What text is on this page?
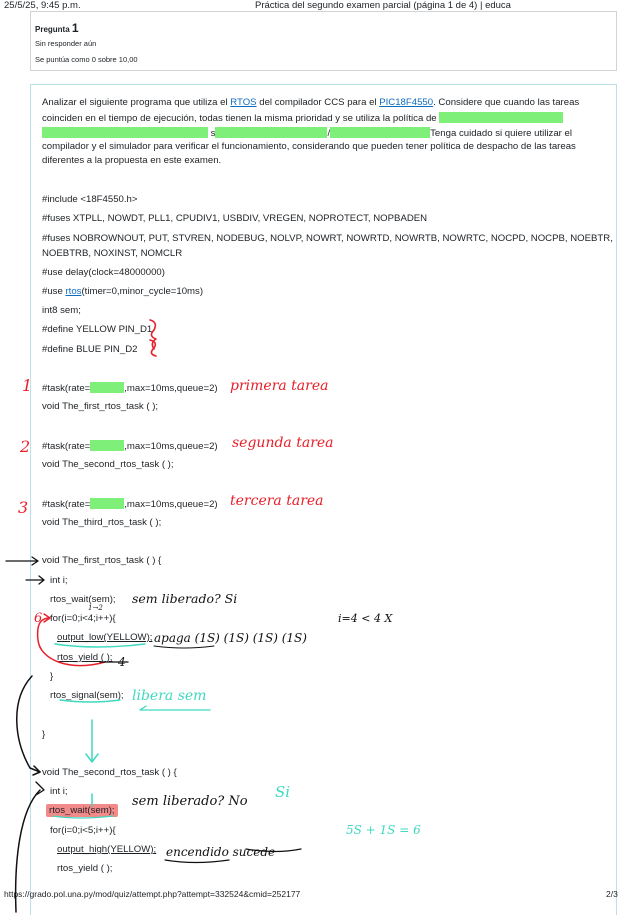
25/5/25, 9:45 p.m.	Práctica del segundo examen parcial (página 1 de 4) | educa
Pregunta 1
Sin responder aún
Se puntúa como 0 sobre 10,00
Analizar el siguiente programa que utiliza el RTOS del compilador CCS para el PIC18F4550. Considere que cuando las tareas
coinciden en el tiempo de ejecución, todas tienen la misma prioridad y se utiliza la política de
s	/	Tenga cuidado si quiere utilizar el
compilador y el simulador para verificar el funcionamiento, considerando que pueden tener política de despacho de las tareas
diferentes a la propuesta en este examen.
#include <18F4550.h>
#fuses XTPLL, NOWDT, PLL1, CPUDIV1, USBDIV, VREGEN, NOPROTECT, NOPBADEN
#fuses NOBROWNOUT, PUT, STVREN, NODEBUG, NOLVP, NOWRT, NOWRTD, NOWRTB, NOWRTC, NOCPD, NOCPB, NOEBTR,
NOEBTRB, NOXINST, NOMCLR
#use delay(clock=48000000)
#use rtos(timer=0,minor_cycle=10ms)
int8 sem;
#define YELLOW PIN_D1
#define BLUE PIN_D2
#task(rate=	,max=10ms,queue=2)
void The_first_rtos_task ( );
#task(rate=	,max=10ms,queue=2)
void The_second_rtos_task ( );
#task(rate=	,max=10ms,queue=2)
void The_third_rtos_task ( );
void The_first_rtos_task ( ) {
int i;
rtos_wait(sem);
for(i=0;i<4;i++){
output_low(YELLOW);
rtos_yield ( );
}
rtos_signal(sem);
}
void The_second_rtos_task ( ) {
int i;
rtos_wait(sem);
for(i=0;i<5;i++){
output_high(YELLOW);
rtos_yield ( );
1
2
3
primera tarea
segunda tarea
tercera tarea
sem liberado? Si
i=4 < 4 X
apaga (1S) (1S) (1S) (1S)
libera sem
sem liberado? No
Si
5S + 1S = 6
encendido sucede
6
4
1→2
https://grado.pol.una.py/mod/quiz/attempt.php?attempt=332524&cmid=252177	2/3
